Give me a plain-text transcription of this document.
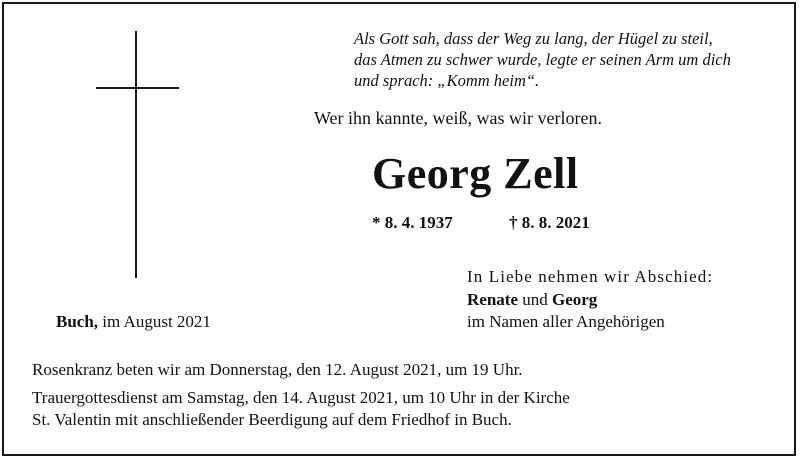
Als Gott sah, dass der Weg zu lang, der Hügel zu steil,
das Atmen zu schwer wurde, legte er seinen Arm um dich
und sprach: „Komm heim“.

Wer ihn kannte, weiß, was wir verloren.

Georg Zell
* 8. 4. 1937	† 8. 8. 2021
In Liebe nehmen wir Abschied:
Renate und Georg
im Namen aller Angehörigen
Buch, im August 2021
Rosenkranz beten wir am Donnerstag, den 12. August 2021, um 19 Uhr.
Trauergottesdienst am Samstag, den 14. August 2021, um 10 Uhr in der Kirche
St. Valentin mit anschließender Beerdigung auf dem Friedhof in Buch.
